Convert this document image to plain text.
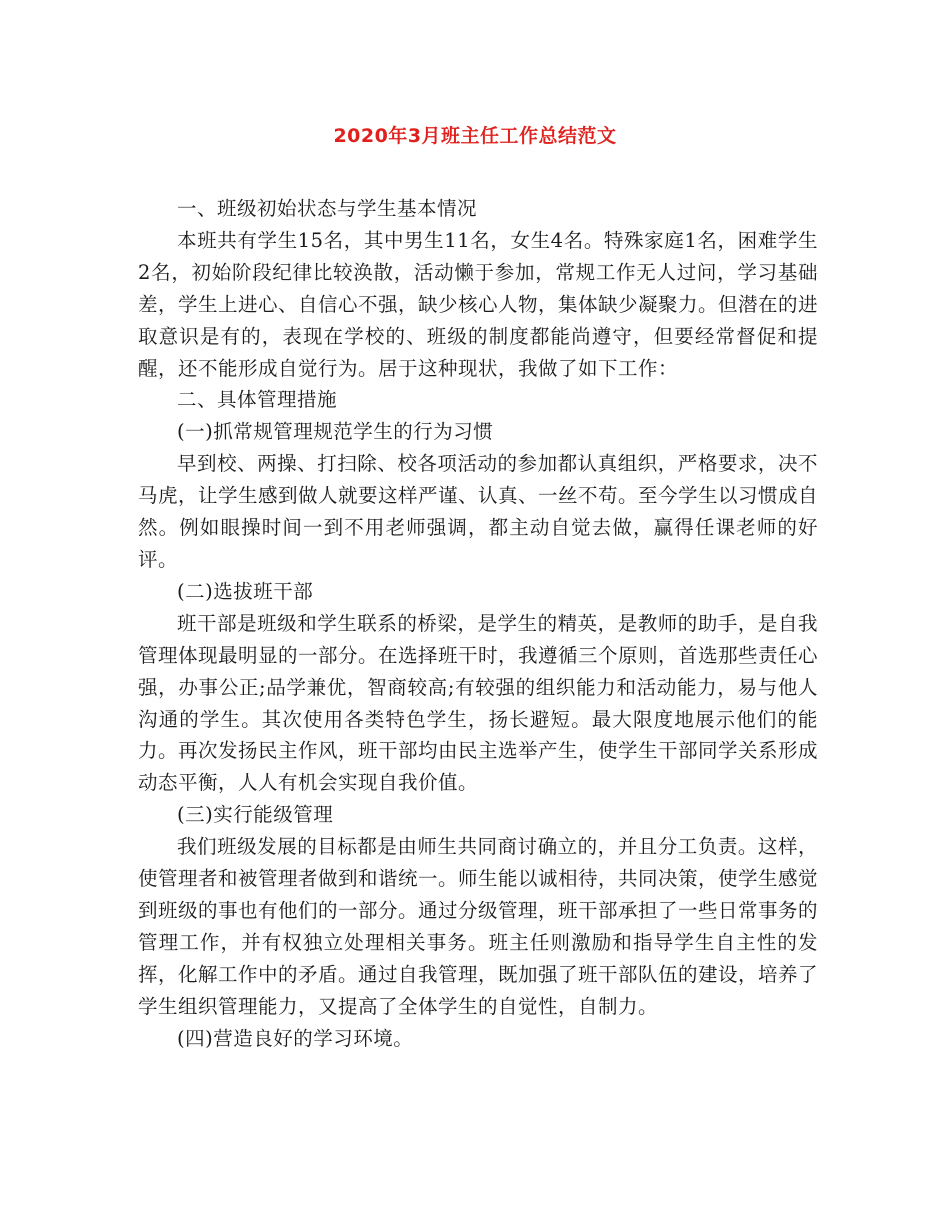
2020年3月班主任工作总结范文

一、班级初始状态与学生基本情况

本班共有学生15名，其中男生11名，女生4名。特殊家庭1名，困难学生2名，初始阶段纪律比较涣散，活动懒于参加，常规工作无人过问，学习基础差，学生上进心、自信心不强，缺少核心人物，集体缺少凝聚力。但潜在的进取意识是有的，表现在学校的、班级的制度都能尚遵守，但要经常督促和提醒，还不能形成自觉行为。居于这种现状，我做了如下工作：

二、具体管理措施

(一)抓常规管理规范学生的行为习惯

早到校、两操、打扫除、校各项活动的参加都认真组织，严格要求，决不马虎，让学生感到做人就要这样严谨、认真、一丝不苟。至今学生以习惯成自然。例如眼操时间一到不用老师强调，都主动自觉去做，赢得任课老师的好评。

(二)选拔班干部

班干部是班级和学生联系的桥梁，是学生的精英，是教师的助手，是自我管理体现最明显的一部分。在选择班干时，我遵循三个原则，首选那些责任心强，办事公正;品学兼优，智商较高;有较强的组织能力和活动能力，易与他人沟通的学生。其次使用各类特色学生，扬长避短。最大限度地展示他们的能力。再次发扬民主作风，班干部均由民主选举产生，使学生干部同学关系形成动态平衡，人人有机会实现自我价值。

(三)实行能级管理

我们班级发展的目标都是由师生共同商讨确立的，并且分工负责。这样，使管理者和被管理者做到和谐统一。师生能以诚相待，共同决策，使学生感觉到班级的事也有他们的一部分。通过分级管理，班干部承担了一些日常事务的管理工作，并有权独立处理相关事务。班主任则激励和指导学生自主性的发挥，化解工作中的矛盾。通过自我管理，既加强了班干部队伍的建设，培养了学生组织管理能力，又提高了全体学生的自觉性，自制力。

(四)营造良好的学习环境。
